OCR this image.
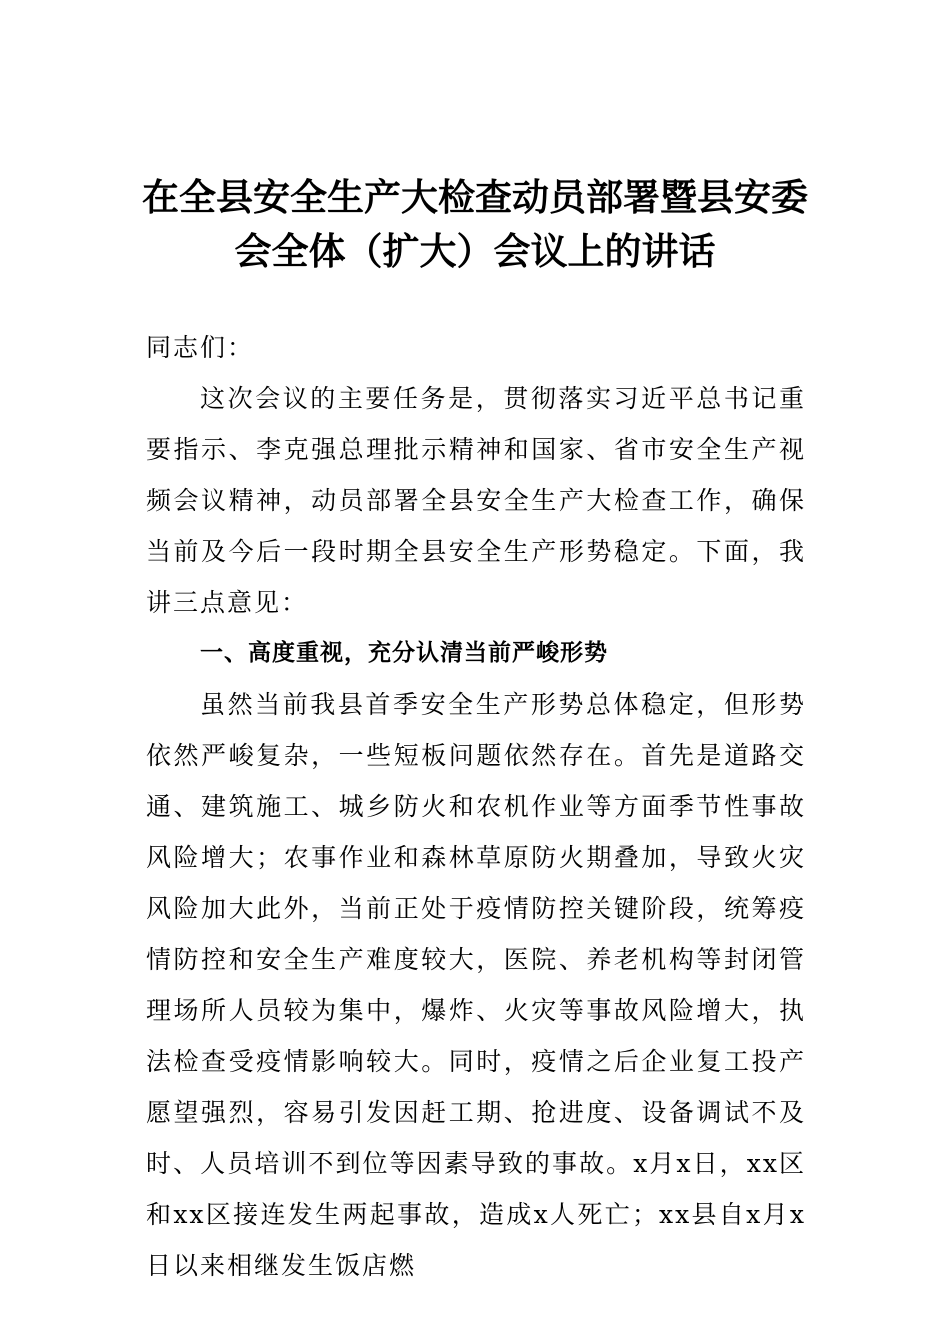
在全县安全生产大检查动员部署暨县安委
会全体（扩大）会议上的讲话

同志们：

这次会议的主要任务是，贯彻落实习近平总书记重要指示、李克强总理批示精神和国家、省市安全生产视频会议精神，动员部署全县安全生产大检查工作，确保当前及今后一段时期全县安全生产形势稳定。下面，我讲三点意见：

一、高度重视，充分认清当前严峻形势

虽然当前我县首季安全生产形势总体稳定，但形势依然严峻复杂，一些短板问题依然存在。首先是道路交通、建筑施工、城乡防火和农机作业等方面季节性事故风险增大；农事作业和森林草原防火期叠加，导致火灾风险加大此外，当前正处于疫情防控关键阶段，统筹疫情防控和安全生产难度较大，医院、养老机构等封闭管理场所人员较为集中，爆炸、火灾等事故风险增大，执法检查受疫情影响较大。同时，疫情之后企业复工投产愿望强烈，容易引发因赶工期、抢进度、设备调试不及时、人员培训不到位等因素导致的事故。x月x日，xx区和xx区接连发生两起事故，造成x人死亡；xx县自x月x日以来相继发生饭店燃
